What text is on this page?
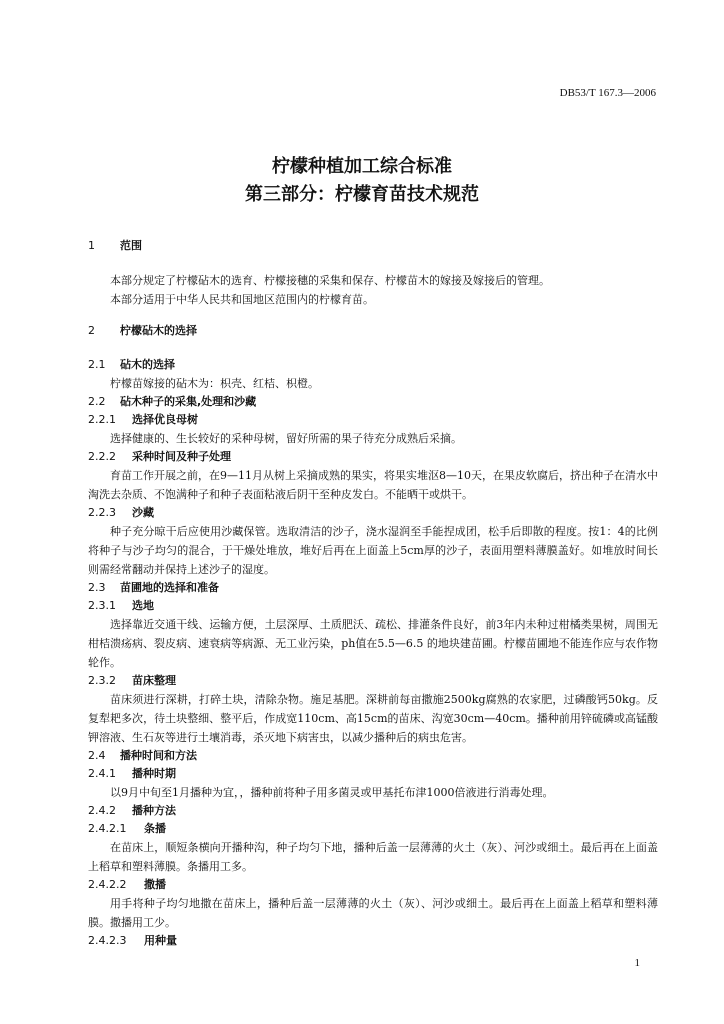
DB53/T 167.3—2006
柠檬种植加工综合标准
第三部分：柠檬育苗技术规范
1 范围

本部分规定了柠檬砧木的选育、柠檬接穗的采集和保存、柠檬苗木的嫁接及嫁接后的管理。

本部分适用于中华人民共和国地区范围内的柠檬育苗。

2 柠檬砧木的选择
2.1 砧木的选择

柠檬苗嫁接的砧木为：枳壳、红桔、枳橙。

2.2 砧木种子的采集,处理和沙藏
2.2.1 选择优良母树

选择健康的、生长较好的采种母树，留好所需的果子待充分成熟后采摘。

2.2.2 采种时间及种子处理

育苗工作开展之前，在9—11月从树上采摘成熟的果实，将果实堆沤8—10天，在果皮软腐后，挤出种子在清水中淘洗去杂质、不饱满种子和种子表面粘液后阴干至种皮发白。不能晒干或烘干。

2.2.3 沙藏

种子充分晾干后应使用沙藏保管。选取清洁的沙子，浇水湿润至手能捏成团，松手后即散的程度。按1：4的比例将种子与沙子均匀的混合，于干燥处堆放，堆好后再在上面盖上5cm厚的沙子，表面用塑料薄膜盖好。如堆放时间长则需经常翻动并保持上述沙子的湿度。

2.3 苗圃地的选择和准备
2.3.1 选地

选择靠近交通干线、运输方便，土层深厚、土质肥沃、疏松、排灌条件良好，前3年内未种过柑橘类果树，周围无柑桔溃疡病、裂皮病、速衰病等病源、无工业污染，ph值在5.5—6.5 的地块建苗圃。柠檬苗圃地不能连作应与农作物轮作。

2.3.2 苗床整理

苗床须进行深耕，打碎土块，清除杂物。施足基肥。深耕前每亩撒施2500kg腐熟的农家肥，过磷酸钙50kg。反复犁耙多次，待土块整细、整平后，作成宽110cm、高15cm的苗床、沟宽30cm—40cm。播种前用锌硫磷或高锰酸钾溶液、生石灰等进行土壤消毒，杀灭地下病害虫，以减少播种后的病虫危害。

2.4 播种时间和方法
2.4.1 播种时期

以9月中旬至1月播种为宜，，播种前将种子用多菌灵或甲基托布津1000倍液进行消毒处理。

2.4.2 播种方法
2.4.2.1 条播

在苗床上，顺短条横向开播种沟，种子均匀下地，播种后盖一层薄薄的火土（灰）、河沙或细土。最后再在上面盖上稻草和塑料薄膜。条播用工多。

2.4.2.2 撒播

用手将种子均匀地撒在苗床上，播种后盖一层薄薄的火土（灰）、河沙或细土。最后再在上面盖上稻草和塑料薄膜。撒播用工少。

2.4.2.3 用种量
1
